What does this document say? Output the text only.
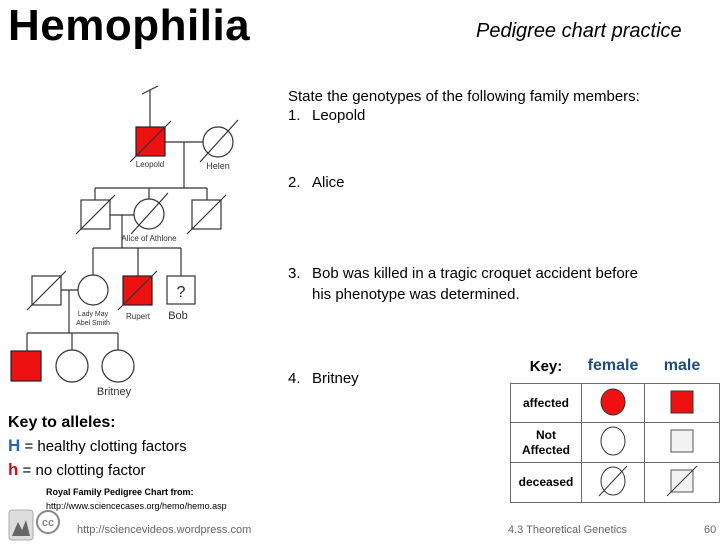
Hemophilia	Pedigree chart practice
?
Leopold	Helen
Alice of Athlone
Lady May
Abel Smith
Rupert Bob
Britney
State the genotypes of the following family members:
1. Leopold
2. Alice
3. Bob was killed in a tragic croquet accident before
his phenotype was determined.
4. Britney
Key:	female	male
affected		
Not
Affected		
deceased		
Key to alleles:
H = healthy clotting factors
h = no clotting factor
Royal Family Pedigree Chart from:
http://www.sciencecases.org/hemo/hemo.asp
cc
http://sciencevideos.wordpress.com	4.3 Theoretical Genetics	60
